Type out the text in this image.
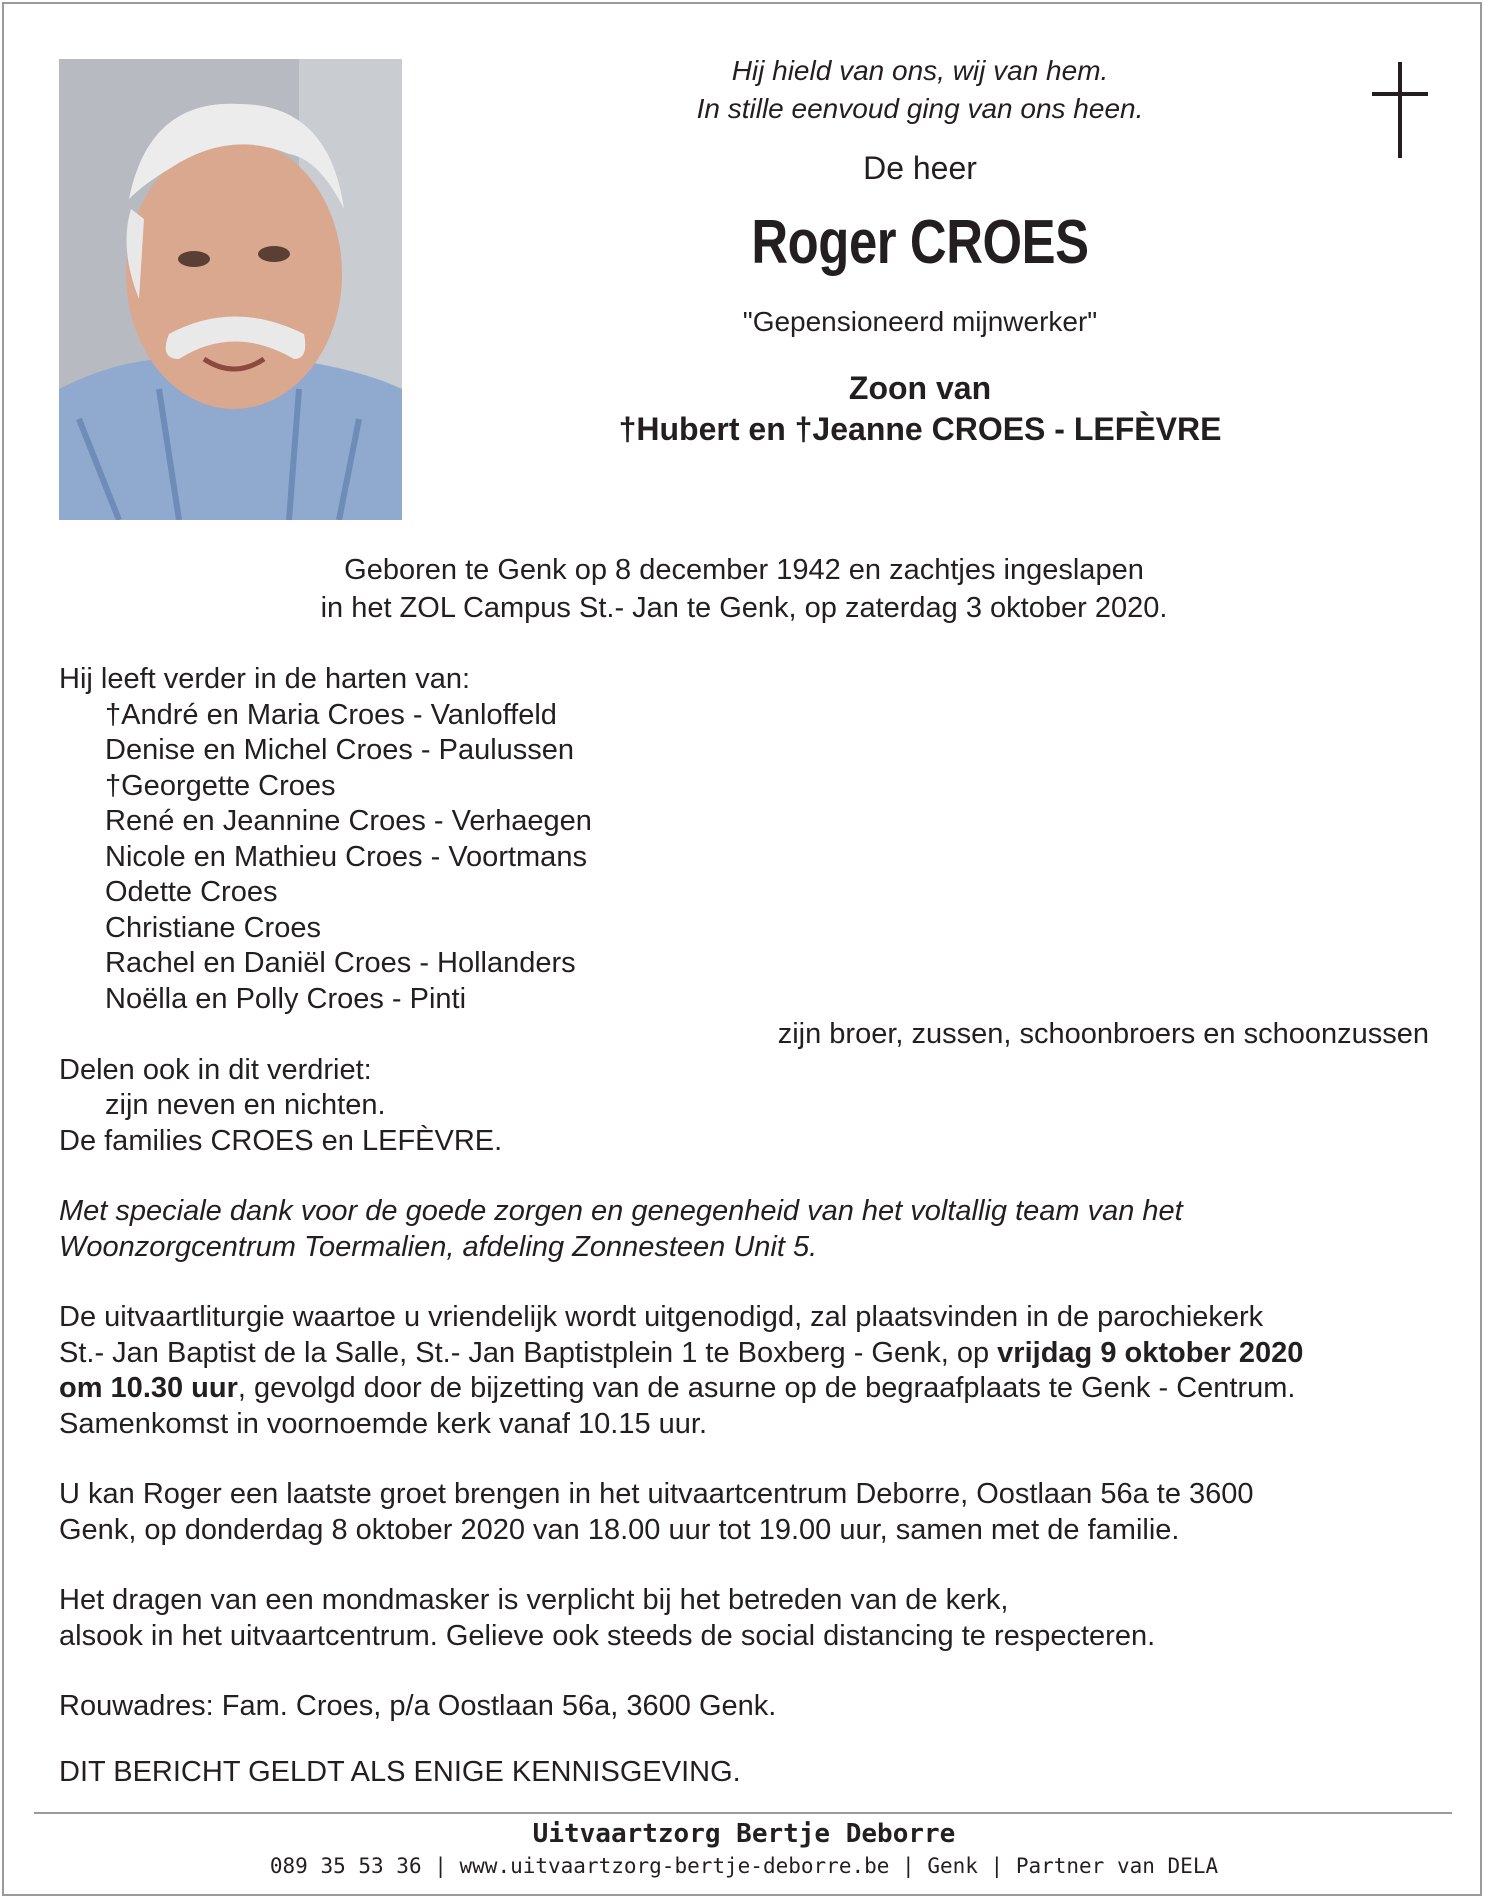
Hij hield van ons, wij van hem.
In stille eenvoud ging van ons heen.
De heer
Roger CROES
"Gepensioneerd mijnwerker"
Zoon van
†Hubert en †Jeanne CROES - LEFÈVRE
Geboren te Genk op 8 december 1942 en zachtjes ingeslapen
in het ZOL Campus St.- Jan te Genk, op zaterdag 3 oktober 2020.
Hij leeft verder in de harten van:
†André en Maria Croes - Vanloffeld
Denise en Michel Croes - Paulussen
†Georgette Croes
René en Jeannine Croes - Verhaegen
Nicole en Mathieu Croes - Voortmans
Odette Croes
Christiane Croes
Rachel en Daniël Croes - Hollanders
Noëlla en Polly Croes - Pinti
zijn broer, zussen, schoonbroers en schoonzussen
Delen ook in dit verdriet:
zijn neven en nichten.
De families CROES en LEFÈVRE.
Met speciale dank voor de goede zorgen en genegenheid van het voltallig team van het
Woonzorgcentrum Toermalien, afdeling Zonnesteen Unit 5.
De uitvaartliturgie waartoe u vriendelijk wordt uitgenodigd, zal plaatsvinden in de parochiekerk
St.- Jan Baptist de la Salle, St.- Jan Baptistplein 1 te Boxberg - Genk, op vrijdag 9 oktober 2020
om 10.30 uur, gevolgd door de bijzetting van de asurne op de begraafplaats te Genk - Centrum.
Samenkomst in voornoemde kerk vanaf 10.15 uur.
U kan Roger een laatste groet brengen in het uitvaartcentrum Deborre, Oostlaan 56a te 3600
Genk, op donderdag 8 oktober 2020 van 18.00 uur tot 19.00 uur, samen met de familie.
Het dragen van een mondmasker is verplicht bij het betreden van de kerk,
alsook in het uitvaartcentrum. Gelieve ook steeds de social distancing te respecteren.
Rouwadres: Fam. Croes, p/a Oostlaan 56a, 3600 Genk.
DIT BERICHT GELDT ALS ENIGE KENNISGEVING.
Uitvaartzorg Bertje Deborre
089 35 53 36 | www.uitvaartzorg-bertje-deborre.be | Genk | Partner van DELA
